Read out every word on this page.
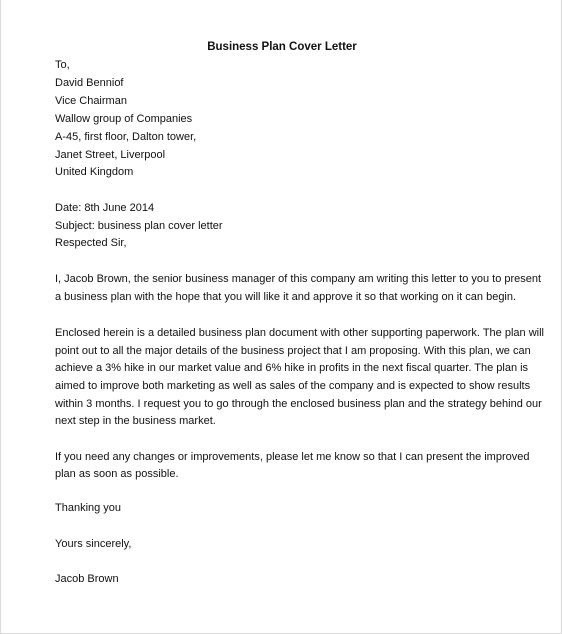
Business Plan Cover Letter
To,
David Benniof
Vice Chairman
Wallow group of Companies
A-45, first floor, Dalton tower,
Janet Street, Liverpool
United Kingdom
Date: 8th June 2014
Subject: business plan cover letter
Respected Sir,
I, Jacob Brown, the senior business manager of this company am writing this letter to you to present
a business plan with the hope that you will like it and approve it so that working on it can begin.
Enclosed herein is a detailed business plan document with other supporting paperwork. The plan will
point out to all the major details of the business project that I am proposing. With this plan, we can
achieve a 3% hike in our market value and 6% hike in profits in the next fiscal quarter. The plan is
aimed to improve both marketing as well as sales of the company and is expected to show results
within 3 months. I request you to go through the enclosed business plan and the strategy behind our
next step in the business market.
If you need any changes or improvements, please let me know so that I can present the improved
plan as soon as possible.
Thanking you
Yours sincerely,
Jacob Brown
